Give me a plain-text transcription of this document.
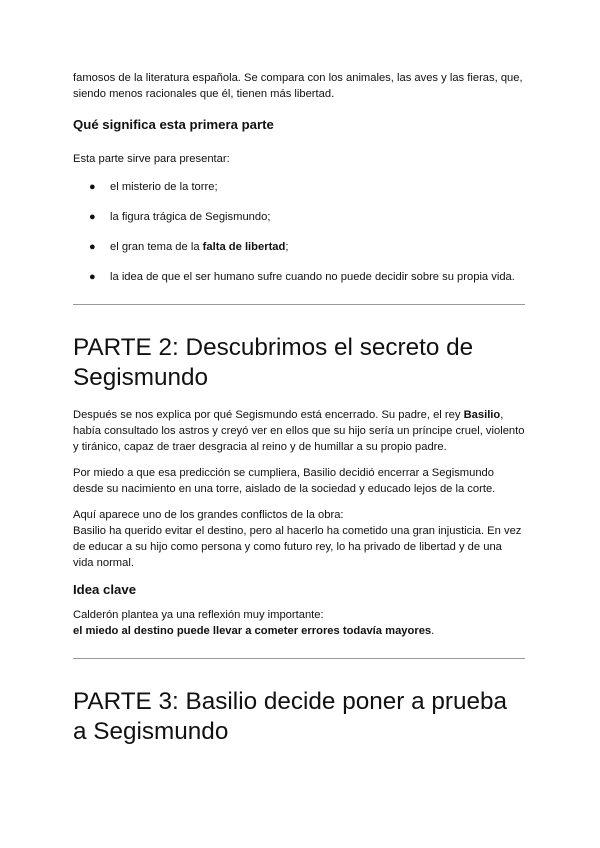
famosos de la literatura española. Se compara con los animales, las aves y las fieras, que, siendo menos racionales que él, tienen más libertad.

Qué significa esta primera parte

Esta parte sirve para presentar:

● el misterio de la torre;
● la figura trágica de Segismundo;
● el gran tema de la falta de libertad;
● la idea de que el ser humano sufre cuando no puede decidir sobre su propia vida.
PARTE 2: Descubrimos el secreto de Segismundo

Después se nos explica por qué Segismundo está encerrado. Su padre, el rey Basilio, había consultado los astros y creyó ver en ellos que su hijo sería un príncipe cruel, violento y tiránico, capaz de traer desgracia al reino y de humillar a su propio padre.

Por miedo a que esa predicción se cumpliera, Basilio decidió encerrar a Segismundo desde su nacimiento en una torre, aislado de la sociedad y educado lejos de la corte.

Aquí aparece uno de los grandes conflictos de la obra:
Basilio ha querido evitar el destino, pero al hacerlo ha cometido una gran injusticia. En vez de educar a su hijo como persona y como futuro rey, lo ha privado de libertad y de una vida normal.

Idea clave

Calderón plantea ya una reflexión muy importante:
el miedo al destino puede llevar a cometer errores todavía mayores.

PARTE 3: Basilio decide poner a prueba a Segismundo
